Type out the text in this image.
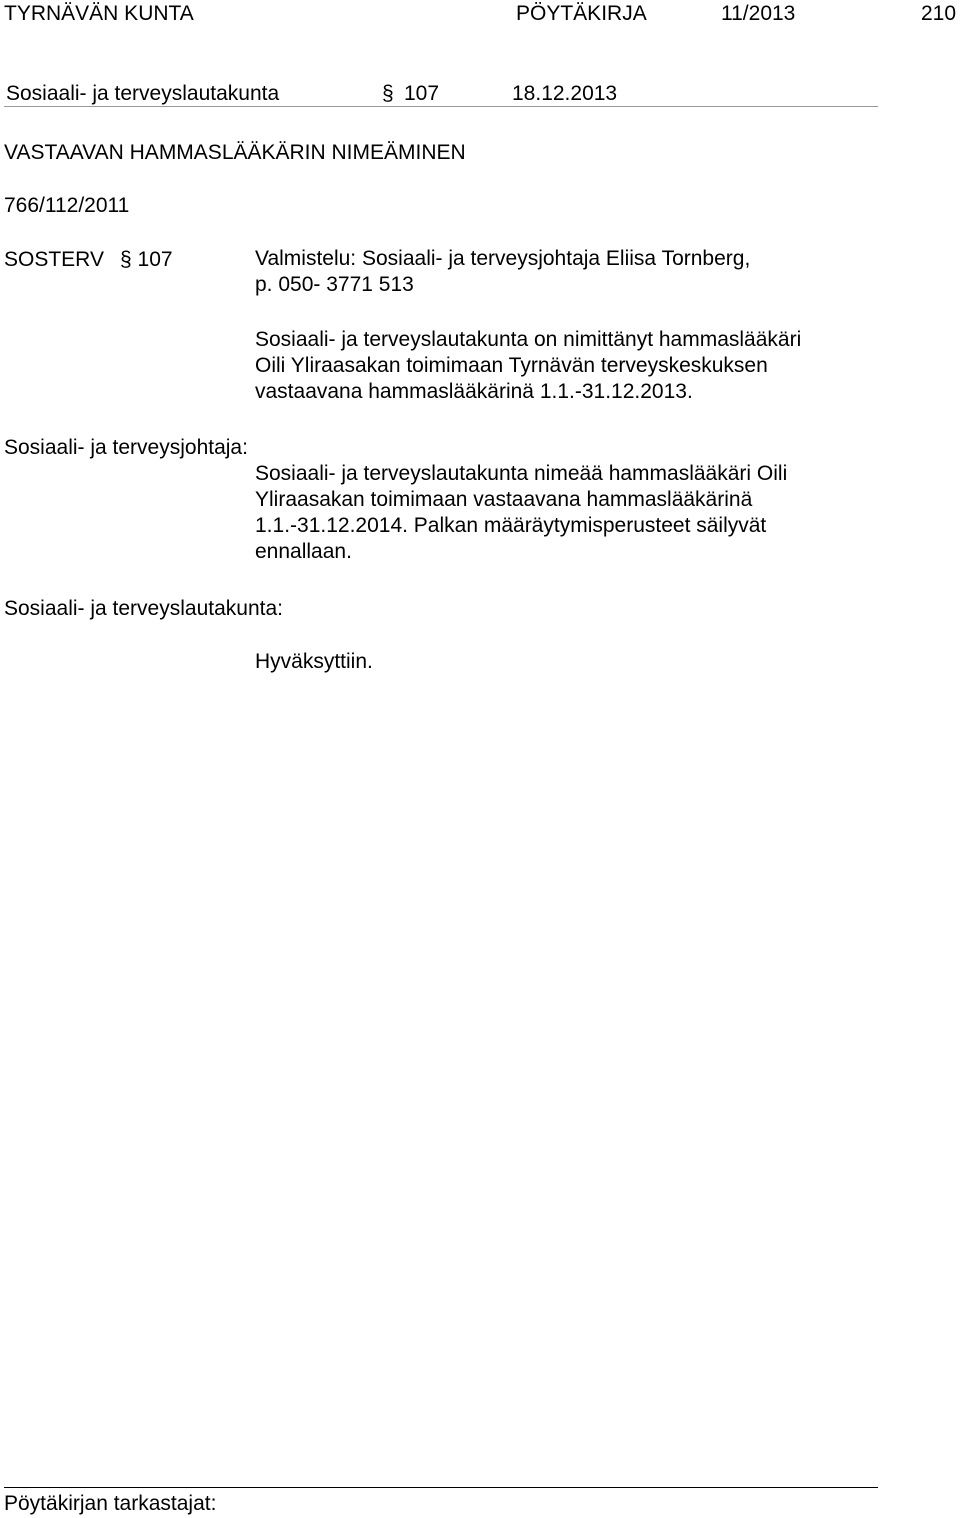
TYRNÄVÄN KUNTA	PÖYTÄKIRJA	11/2013	210
Sosiaali- ja terveyslautakunta	§ 107	18.12.2013
VASTAAVAN HAMMASLÄÄKÄRIN NIMEÄMINEN
766/112/2011
SOSTERV § 107	Valmistelu: Sosiaali- ja terveysjohtaja Eliisa Tornberg,
p. 050- 3771 513
Sosiaali- ja terveyslautakunta on nimittänyt hammaslääkäri
Oili Yliraasakan toimimaan Tyrnävän terveyskeskuksen
vastaavana hammaslääkärinä 1.1.-31.12.2013.
Sosiaali- ja terveysjohtaja:
Sosiaali- ja terveyslautakunta nimeää hammaslääkäri Oili
Yliraasakan toimimaan vastaavana hammaslääkärinä
1.1.-31.12.2014. Palkan määräytymisperusteet säilyvät
ennallaan.
Sosiaali- ja terveyslautakunta:
Hyväksyttiin.
Pöytäkirjan tarkastajat:
